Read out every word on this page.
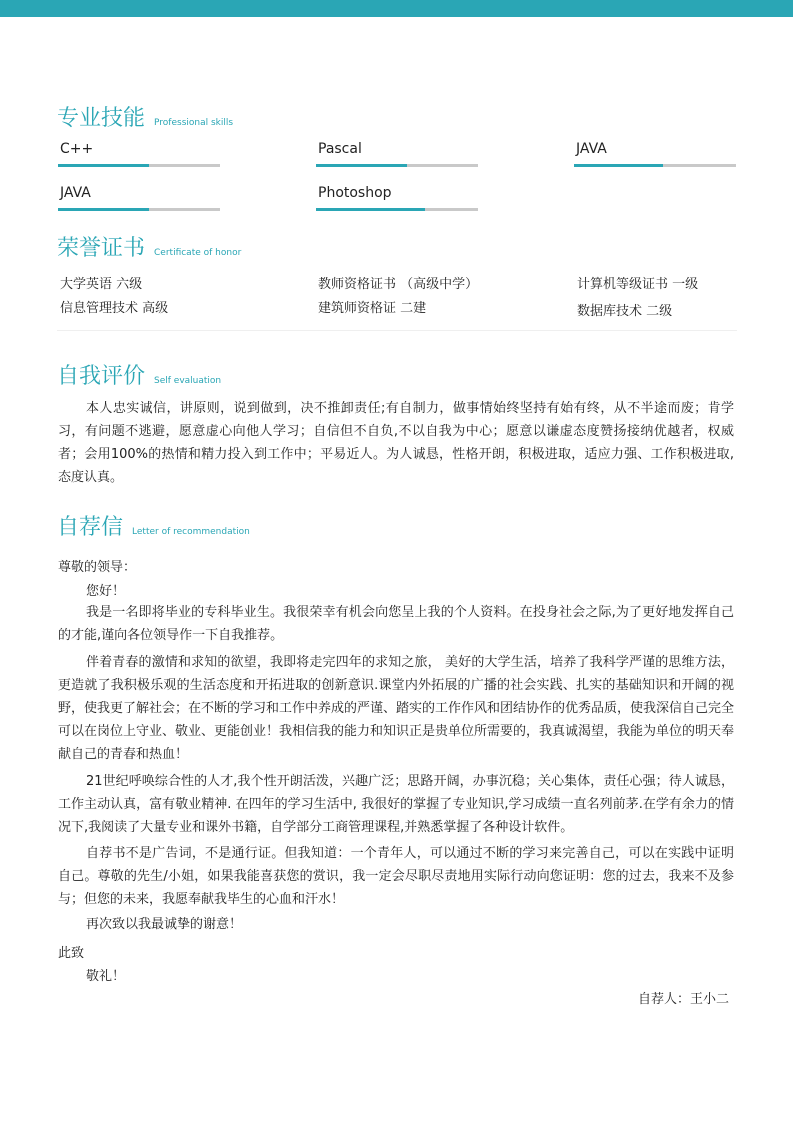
专业技能 Professional skills
C++	Pascal	JAVA
JAVA	Photoshop
荣誉证书 Certificate of honor
大学英语 六级	教师资格证书 （高级中学）	计算机等级证书 一级
信息管理技术 高级	建筑师资格证 二建	数据库技术 二级
自我评价 Self evaluation

本人忠实诚信，讲原则，说到做到，决不推卸责任;有自制力，做事情始终坚持有始有终，从不半途而废；肯学习，有问题不逃避，愿意虚心向他人学习；自信但不自负,不以自我为中心；愿意以谦虚态度赞扬接纳优越者，权威者；会用100%的热情和精力投入到工作中；平易近人。为人诚恳，性格开朗，积极进取，适应力强、工作积极进取,态度认真。

自荐信 Letter of recommendation
尊敬的领导：
您好！

我是一名即将毕业的专科毕业生。我很荣幸有机会向您呈上我的个人资料。在投身社会之际,为了更好地发挥自己的才能,谨向各位领导作一下自我推荐。

伴着青春的激情和求知的欲望，我即将走完四年的求知之旅， 美好的大学生活，培养了我科学严谨的思维方法，更造就了我积极乐观的生活态度和开拓进取的创新意识.课堂内外拓展的广播的社会实践、扎实的基础知识和开阔的视野，使我更了解社会；在不断的学习和工作中养成的严谨、踏实的工作作风和团结协作的优秀品质，使我深信自己完全可以在岗位上守业、敬业、更能创业！我相信我的能力和知识正是贵单位所需要的，我真诚渴望，我能为单位的明天奉献自己的青春和热血！

21世纪呼唤综合性的人才,我个性开朗活泼，兴趣广泛；思路开阔，办事沉稳；关心集体，责任心强；待人诚恳，工作主动认真，富有敬业精神. 在四年的学习生活中, 我很好的掌握了专业知识,学习成绩一直名列前茅.在学有余力的情况下,我阅读了大量专业和课外书籍，自学部分工商管理课程,并熟悉掌握了各种设计软件。

自荐书不是广告词，不是通行证。但我知道：一个青年人，可以通过不断的学习来完善自己，可以在实践中证明自己。尊敬的先生/小姐，如果我能喜获您的赏识，我一定会尽职尽责地用实际行动向您证明：您的过去，我来不及参与；但您的未来，我愿奉献我毕生的心血和汗水！

再次致以我最诚挚的谢意！

此致
敬礼！
自荐人：王小二
